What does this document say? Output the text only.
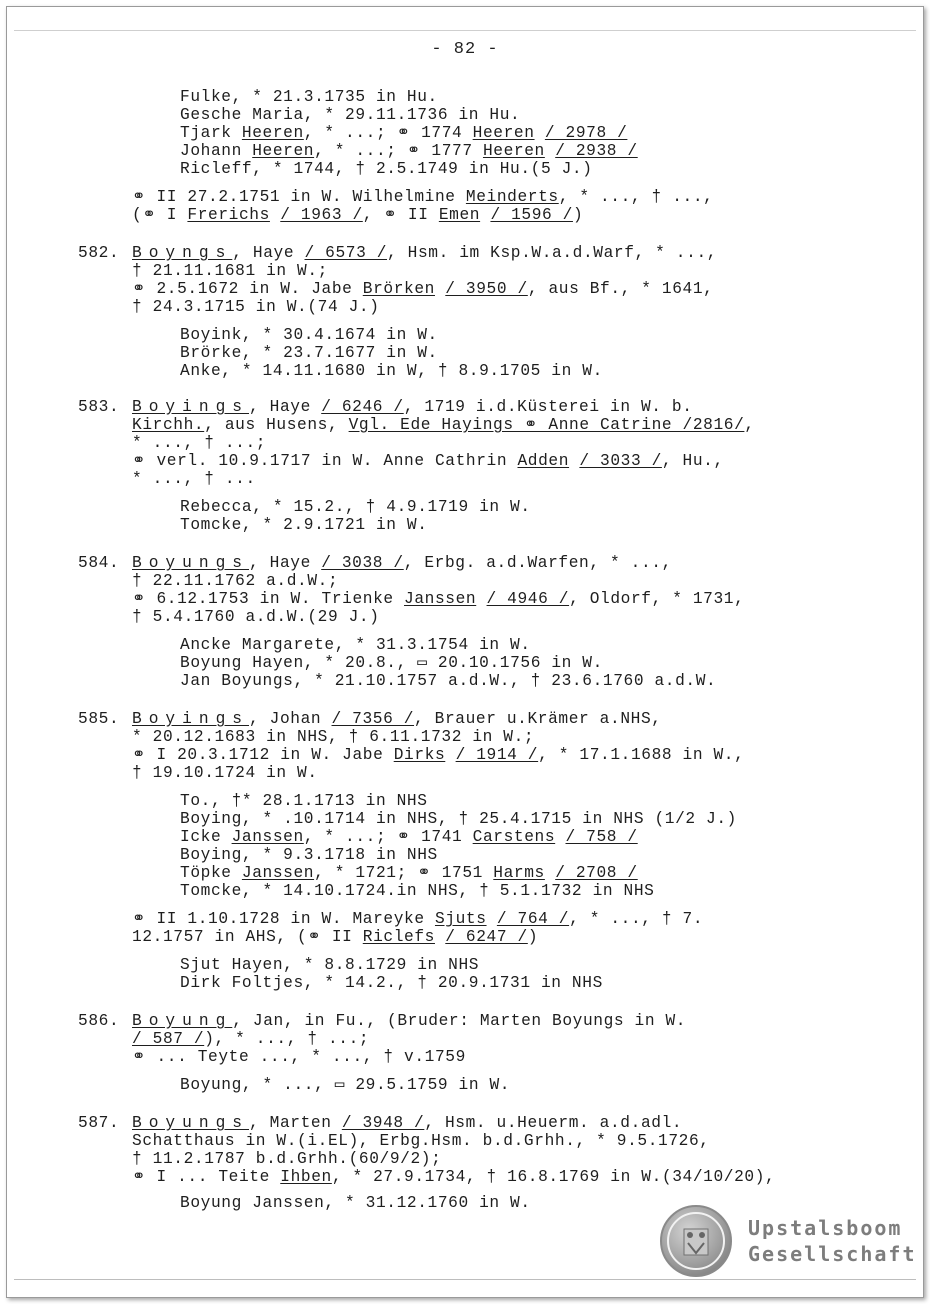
- 82 -
Fulke, * 21.3.1735 in Hu.
Gesche Maria, * 29.11.1736 in Hu.
Tjark Heeren, * ...; ⚭ 1774 Heeren / 2978 /
Johann Heeren, * ...; ⚭ 1777 Heeren / 2938 /
Ricleff, * 1744, † 2.5.1749 in Hu.(5 J.)
⚭ II 27.2.1751 in W. Wilhelmine Meinderts, * ..., † ...,
(⚭ I Frerichs / 1963 /, ⚭ II Emen / 1596 /)
582. Boyngs, Haye / 6573 /, Hsm. im Ksp.W.a.d.Warf, * ...,
† 21.11.1681 in W.;
⚭ 2.5.1672 in W. Jabe Brörken / 3950 /, aus Bf., * 1641,
† 24.3.1715 in W.(74 J.)
Boyink, * 30.4.1674 in W.
Brörke, * 23.7.1677 in W.
Anke, * 14.11.1680 in W, † 8.9.1705 in W.
583. Boyings, Haye / 6246 /, 1719 i.d.Küsterei in W. b.
Kirchh., aus Husens, Vgl. Ede Hayings ⚭ Anne Catrine /2816/,
* ..., † ...;
⚭ verl. 10.9.1717 in W. Anne Cathrin Adden / 3033 /, Hu.,
* ..., † ...
Rebecca, * 15.2., † 4.9.1719 in W.
Tomcke, * 2.9.1721 in W.
584. Boyungs, Haye / 3038 /, Erbg. a.d.Warfen, * ...,
† 22.11.1762 a.d.W.;
⚭ 6.12.1753 in W. Trienke Janssen / 4946 /, Oldorf, * 1731,
† 5.4.1760 a.d.W.(29 J.)
Ancke Margarete, * 31.3.1754 in W.
Boyung Hayen, * 20.8., ▭ 20.10.1756 in W.
Jan Boyungs, * 21.10.1757 a.d.W., † 23.6.1760 a.d.W.
585. Boyings, Johan / 7356 /, Brauer u.Krämer a.NHS,
* 20.12.1683 in NHS, † 6.11.1732 in W.;
⚭ I 20.3.1712 in W. Jabe Dirks / 1914 /, * 17.1.1688 in W.,
† 19.10.1724 in W.
To., †* 28.1.1713 in NHS
Boying, * .10.1714 in NHS, † 25.4.1715 in NHS (1/2 J.)
Icke Janssen, * ...; ⚭ 1741 Carstens / 758 /
Boying, * 9.3.1718 in NHS
Töpke Janssen, * 1721; ⚭ 1751 Harms / 2708 /
Tomcke, * 14.10.1724.in NHS, † 5.1.1732 in NHS
⚭ II 1.10.1728 in W. Mareyke Sjuts / 764 /, * ..., † 7.
12.1757 in AHS, (⚭ II Riclefs / 6247 /)
Sjut Hayen, * 8.8.1729 in NHS
Dirk Foltjes, * 14.2., † 20.9.1731 in NHS
586. Boyung, Jan, in Fu., (Bruder: Marten Boyungs in W.
/ 587 /), * ..., † ...;
⚭ ... Teyte ..., * ..., † v.1759
Boyung, * ..., ▭ 29.5.1759 in W.
587. Boyungs, Marten / 3948 /, Hsm. u.Heuerm. a.d.adl.
Schatthaus in W.(i.EL), Erbg.Hsm. b.d.Grhh., * 9.5.1726,
† 11.2.1787 b.d.Grhh.(60/9/2);
⚭ I ... Teite Ihben, * 27.9.1734, † 16.8.1769 in W.(34/10/20),
Boyung Janssen, * 31.12.1760 in W.
Upstalsboom
Gesellschaft
